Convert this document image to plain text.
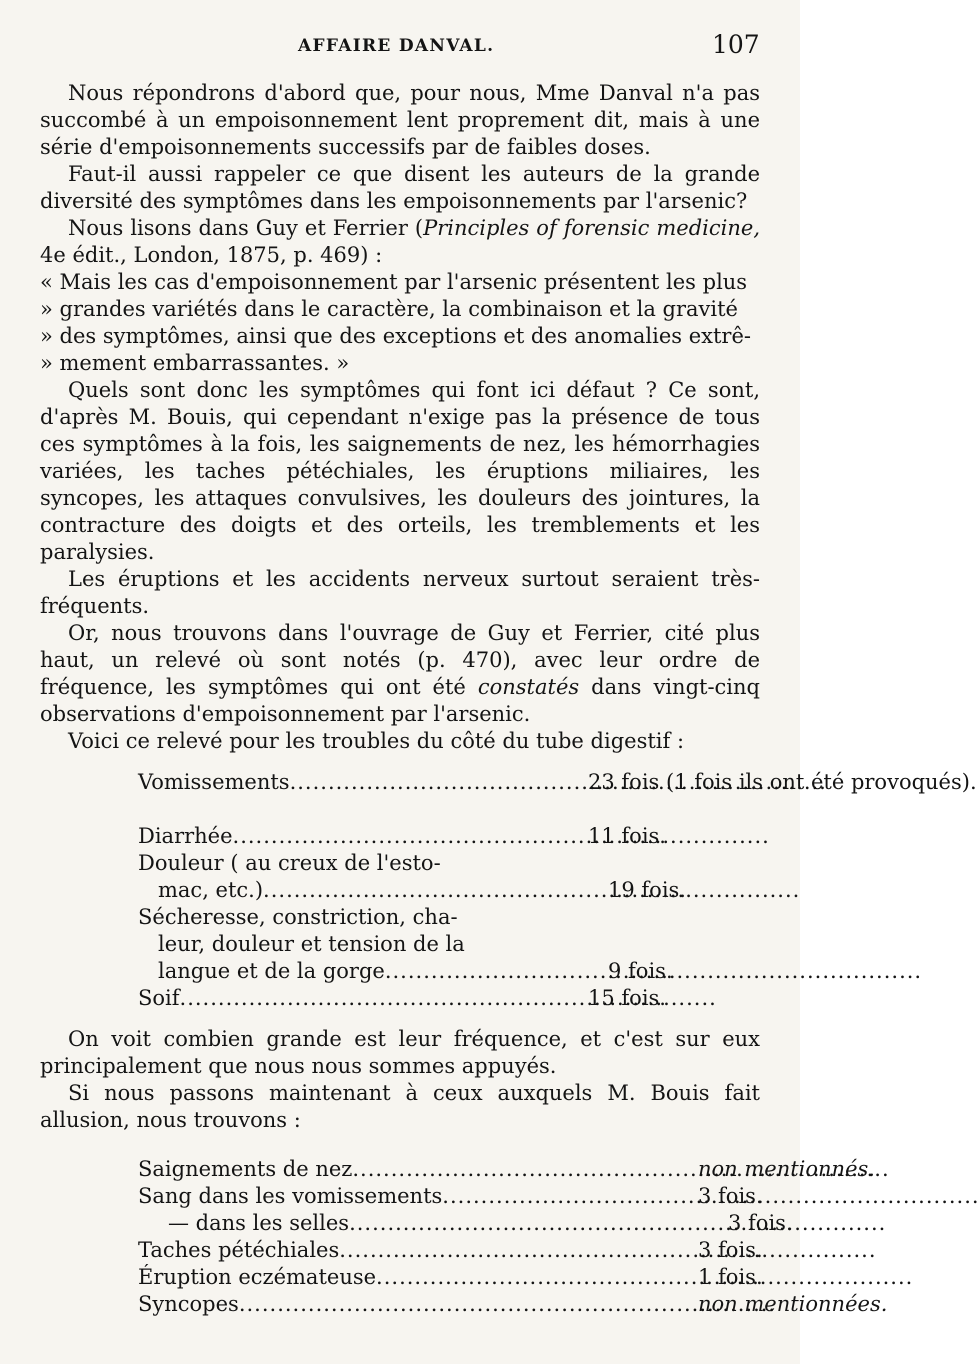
AFFAIRE DANVAL.	107

Nous répondrons d'abord que, pour nous, Mme Danval n'a pas succombé à un empoisonnement lent proprement dit, mais à une série d'empoisonnements successifs par de faibles doses.

Faut-il aussi rappeler ce que disent les auteurs de la grande diversité des symptômes dans les empoisonnements par l'arsenic?

Nous lisons dans Guy et Ferrier (Principles of forensic medicine, 4e édit., London, 1875, p. 469) :

« Mais les cas d'empoisonnement par l'arsenic présentent les plus
» grandes variétés dans le caractère, la combinaison et la gravité
» des symptômes, ainsi que des exceptions et des anomalies extrê-
» mement embarrassantes. »

Quels sont donc les symptômes qui font ici défaut ? Ce sont, d'après M. Bouis, qui cependant n'exige pas la présence de tous ces symptômes à la fois, les saignements de nez, les hémorrhagies variées, les taches pétéchiales, les éruptions miliaires, les syncopes, les attaques convulsives, les douleurs des jointures, la contracture des doigts et des orteils, les tremblements et les paralysies.

Les éruptions et les accidents nerveux surtout seraient très-fréquents.

Or, nous trouvons dans l'ouvrage de Guy et Ferrier, cité plus haut, un relevé où sont notés (p. 470), avec leur ordre de fréquence, les symptômes qui ont été constatés dans vingt-cinq observations d'empoisonnement par l'arsenic.

Voici ce relevé pour les troubles du côté du tube digestif :

Vomissements .....	23 fois (1 fois ils ont été provoqués).
Diarrhée .....	11 fois.
Douleur ( au creux de l'esto-
mac, etc.) .....	19 fois.
Sécheresse, constriction, cha-
leur, douleur et tension de la
langue et de la gorge .....	9 fois.
Soif .....	15 fois.

On voit combien grande est leur fréquence, et c'est sur eux principalement que nous nous sommes appuyés.

Si nous passons maintenant à ceux auxquels M. Bouis fait allusion, nous trouvons :

Saignements de nez .....	non mentionnés.
Sang dans les vomissements .....	3 fois.
— dans les selles .....	3 fois.
Taches pétéchiales .....	3 fois.
Éruption eczémateuse .....	1 fois.
Syncopes .....	non mentionnées.
